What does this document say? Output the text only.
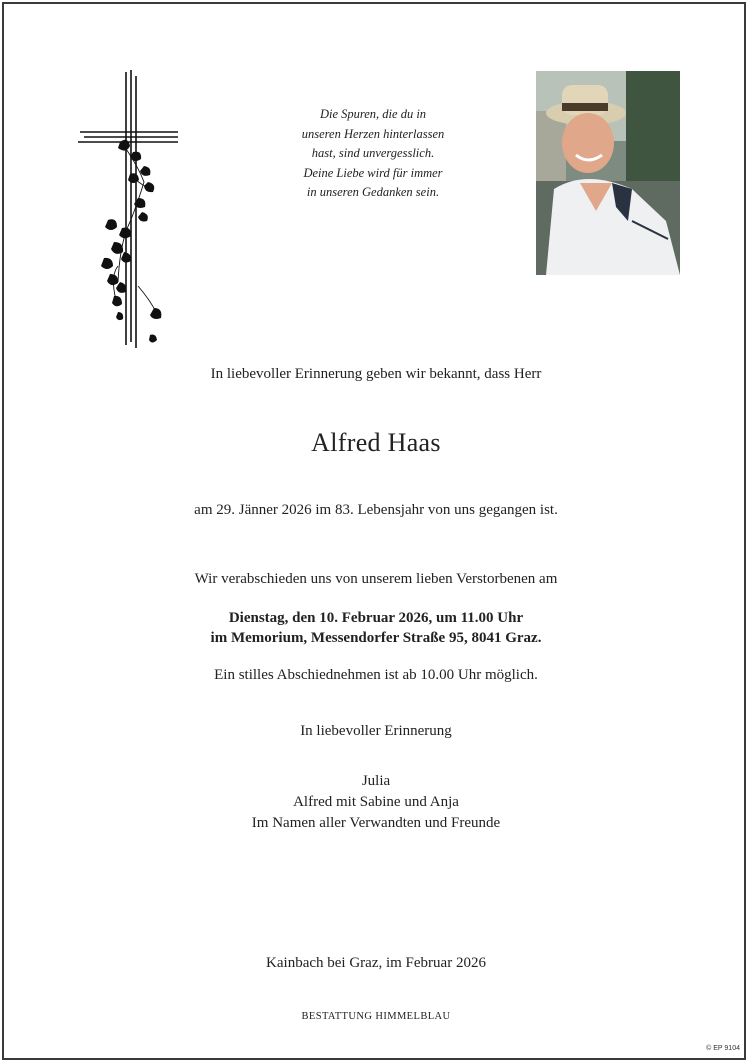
Die Spuren, die du in
unseren Herzen hinterlassen
hast, sind unvergesslich.
Deine Liebe wird für immer
in unseren Gedanken sein.
In liebevoller Erinnerung geben wir bekannt, dass Herr
Alfred Haas
am 29. Jänner 2026 im 83. Lebensjahr von uns gegangen ist.
Wir verabschieden uns von unserem lieben Verstorbenen am
Dienstag, den 10. Februar 2026, um 11.00 Uhr
im Memorium, Messendorfer Straße 95, 8041 Graz.
Ein stilles Abschiednehmen ist ab 10.00 Uhr möglich.
In liebevoller Erinnerung
Julia
Alfred mit Sabine und Anja
Im Namen aller Verwandten und Freunde
Kainbach bei Graz, im Februar 2026
BESTATTUNG HIMMELBLAU
© EP 9104
